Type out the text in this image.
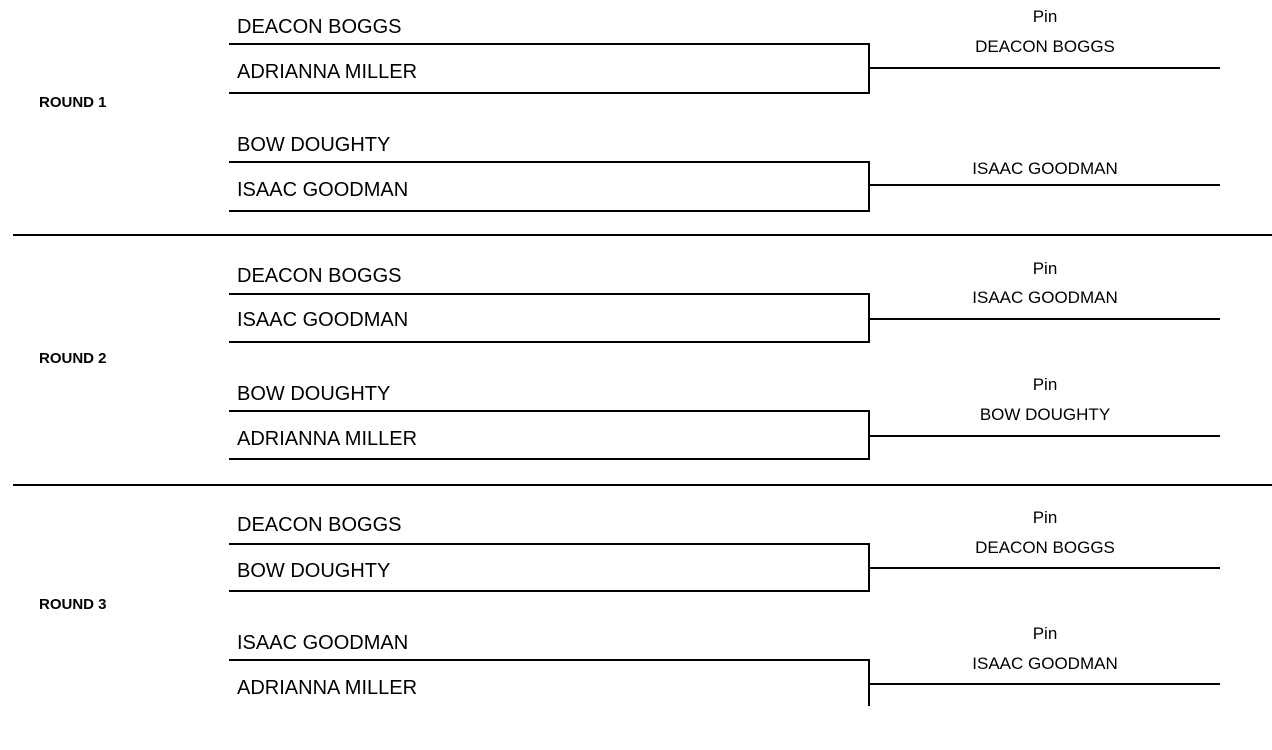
ROUND 1
DEACON BOGGS
ADRIANNA MILLER
Pin
DEACON BOGGS
BOW DOUGHTY
ISAAC GOODMAN
ISAAC GOODMAN
ROUND 2
DEACON BOGGS
ISAAC GOODMAN
Pin
ISAAC GOODMAN
BOW DOUGHTY
ADRIANNA MILLER
Pin
BOW DOUGHTY
ROUND 3
DEACON BOGGS
BOW DOUGHTY
Pin
DEACON BOGGS
ISAAC GOODMAN
ADRIANNA MILLER
Pin
ISAAC GOODMAN
